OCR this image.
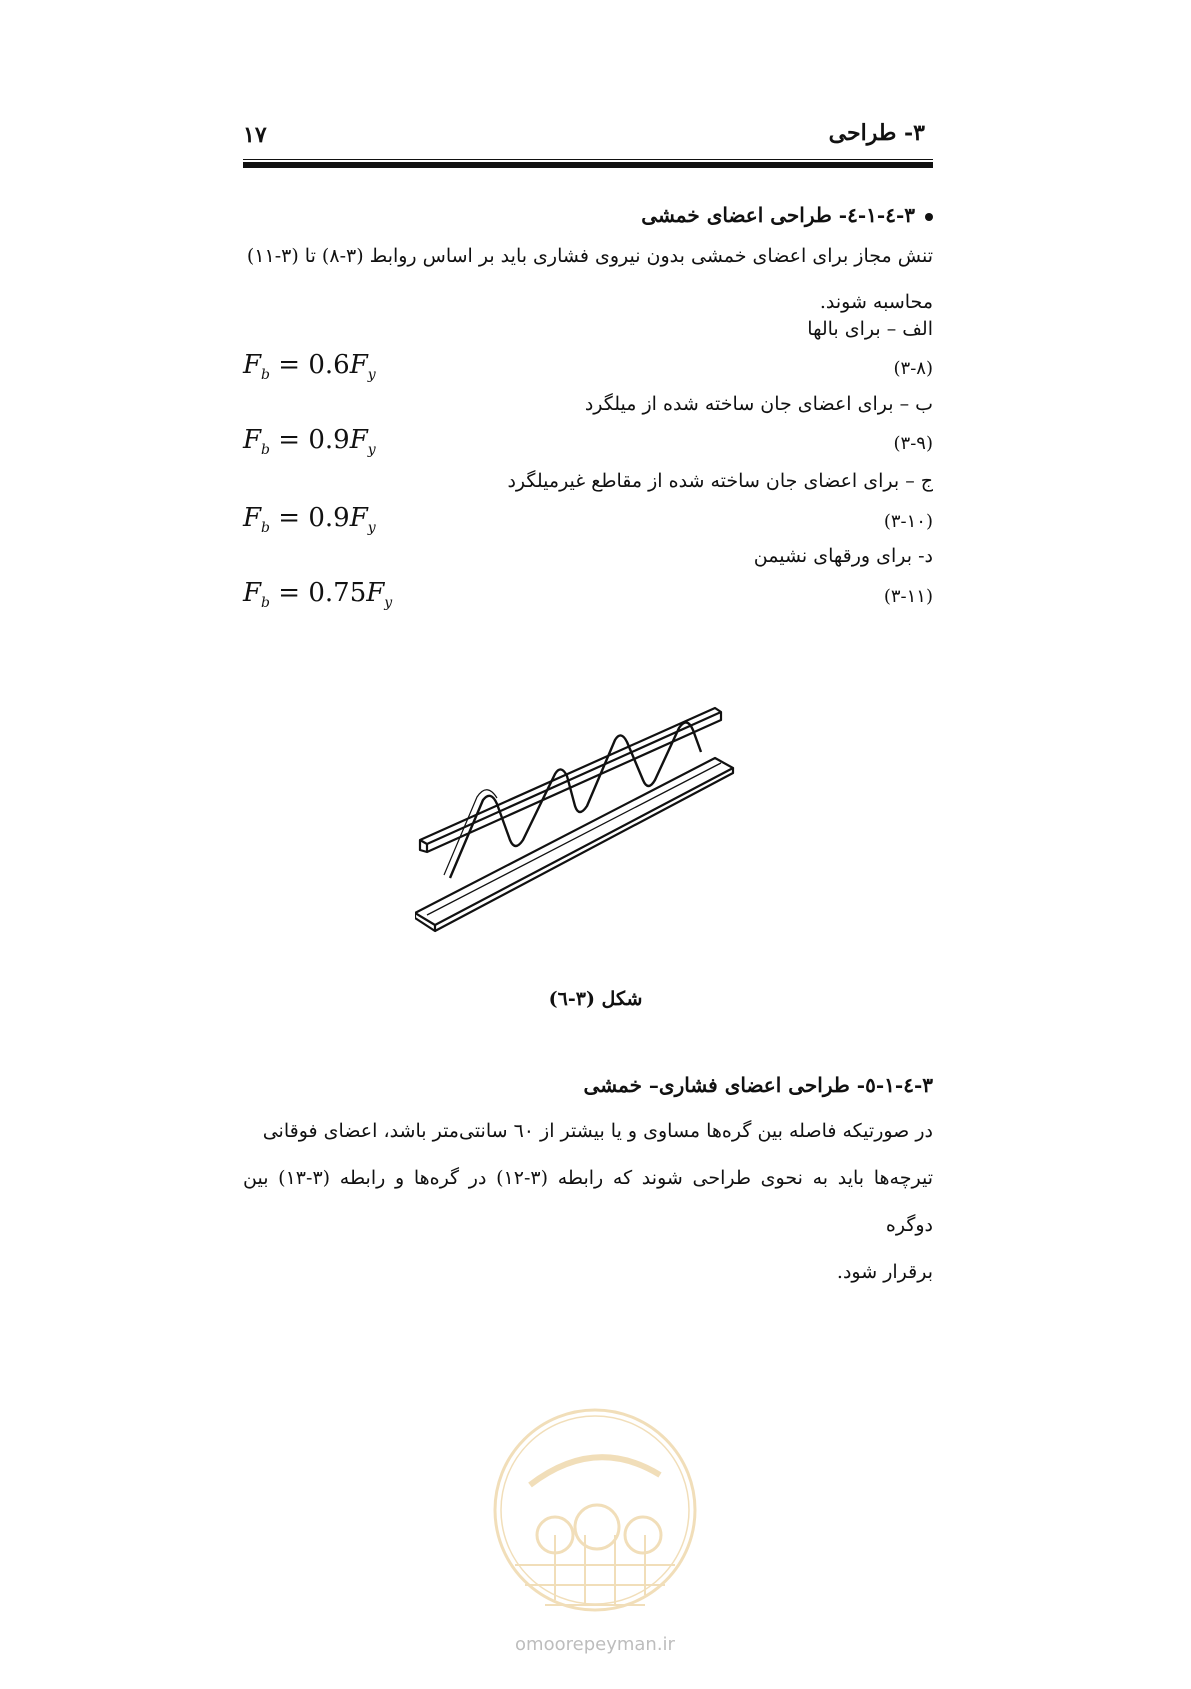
۱۷	۳- طراحی
۳-٤-۱-٤- طراحی اعضای خمشی
تنش مجاز برای اعضای خمشی بدون نیروی فشاری باید بر اساس روابط (۳-۸) تا (۳-۱۱)
محاسبه شوند.
الف – برای بالها
$F_b = 0.6F_y$	(۳-۸)
ب – برای اعضای جان ساخته شده از میلگرد
$F_b = 0.9F_y$	(۳-۹)
ج – برای اعضای جان ساخته شده از مقاطع غیرمیلگرد
$F_b = 0.9F_y$	(۳-۱۰)
د- برای ورقهای نشیمن
$F_b = 0.75F_y$	(۳-۱۱)
شکل (۳-٦)
۳-٤-۱-٥- طراحی اعضای فشاری– خمشی
در صورتیکه فاصله بین گره‌ها مساوی و یا بیشتر از ٦۰ سانتی‌متر باشد، اعضای فوقانی
تیرچه‌ها باید به نحوی طراحی شوند که رابطه (۳-۱۲) در گره‌ها و رابطه (۳-۱۳) بین دوگره
برقرار شود.
omoorepeyman.ir
